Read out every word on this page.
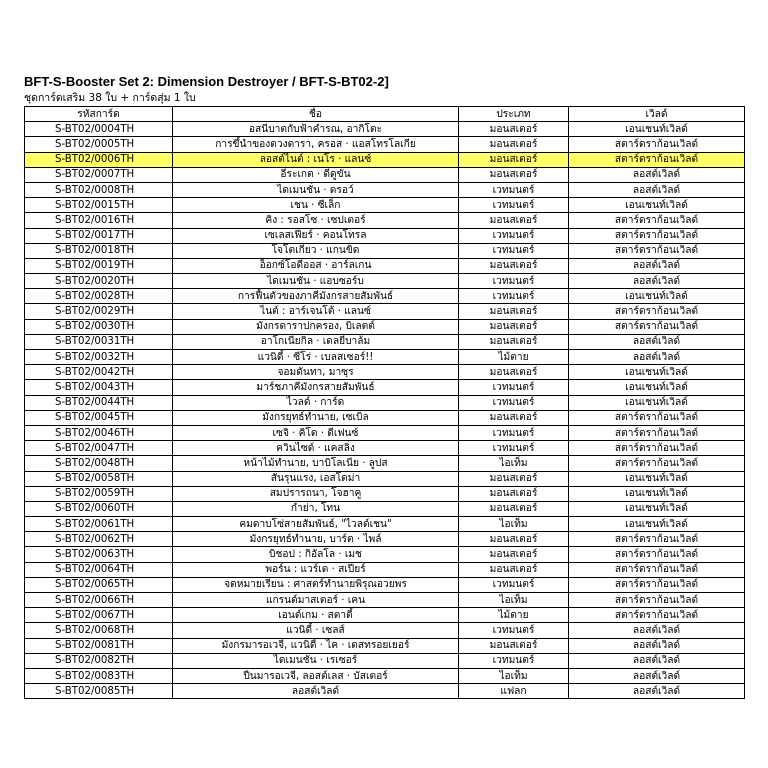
BFT-S-Booster Set 2: Dimension Destroyer / BFT-S-BT02-2]
ชุดการ์ดเสริม 38 ใบ + การ์ดสุ่ม 1 ใบ
รหัสการ์ด	ชื่อ	ประเภท	เวิลด์
S-BT02/0004TH	อสนีบาตกับฟ้าคำรณ, อากิโตะ	มอนสเตอร์	เอนเชนท์เวิลด์
S-BT02/0005TH	การขึ้นำของดวงดารา, ครอส · แอสโทรโลเกีย	มอนสเตอร์	สตาร์ดราก้อนเวิลด์
S-BT02/0006TH	ลอสต์ไนต์ : เนโร · แลนซ์	มอนสเตอร์	สตาร์ดราก้อนเวิลด์
S-BT02/0007TH	อีระเกต · ดีดูขัน	มอนสเตอร์	ลอสต์เวิลด์
S-BT02/0008TH	ไดเมนชั่น · ดรอว์	เวทมนตร์	ลอสต์เวิลด์
S-BT02/0015TH	เชน · ซีเล็ก	เวทมนตร์	เอนเชนท์เวิลด์
S-BT02/0016TH	คิง : รอสโซ · เซปเตอร์	มอนสเตอร์	สตาร์ดราก้อนเวิลด์
S-BT02/0017TH	เซเลสเฟียร์ · คอนโทรล	เวทมนตร์	สตาร์ดราก้อนเวิลด์
S-BT02/0018TH	โจโตเกียว · แกนขิด	เวทมนตร์	สตาร์ดราก้อนเวิลด์
S-BT02/0019TH	อ็อกซ์โอดีออส · อาร์ลเกน	มอนสเตอร์	ลอสต์เวิลด์
S-BT02/0020TH	ไดเมนชั่น · แอบซอร์บ	เวทมนตร์	ลอสต์เวิลด์
S-BT02/0028TH	การฟื้นตัวของภาคีมังกรสายสัมพันธ์	เวทมนตร์	เอนเชนท์เวิลด์
S-BT02/0029TH	ไนต์ : อาร์เจนโต้ · แลนซ์	มอนสเตอร์	สตาร์ดราก้อนเวิลด์
S-BT02/0030TH	มังกรดาราปกครอง, บิเลตต์	มอนสเตอร์	สตาร์ดราก้อนเวิลด์
S-BT02/0031TH	อาโกเนียกิล · เดลยีบาล้ม	มอนสเตอร์	ลอสต์เวิลด์
S-BT02/0032TH	แวนิดี้ · ซีโร่ · เบลสเซอร์!!	ไม้ตาย	ลอสต์เวิลด์
S-BT02/0042TH	จอมดันทา, มาซุร	มอนสเตอร์	เอนเชนท์เวิลด์
S-BT02/0043TH	มาร์ชภาคีมังกรสายสัมพันธ์	เวทมนตร์	เอนเชนท์เวิลด์
S-BT02/0044TH	ไวลด์ · การ์ด	เวทมนตร์	เอนเชนท์เวิลด์
S-BT02/0045TH	มังกรยุทธ์ทำนาย, เซเบิล	มอนสเตอร์	สตาร์ดราก้อนเวิลด์
S-BT02/0046TH	เซจิ · คิโด · ดีเฟนซ์	เวทมนตร์	สตาร์ดราก้อนเวิลด์
S-BT02/0047TH	ควินไซด์ · แคสลิ่ง	เวทมนตร์	สตาร์ดราก้อนเวิลด์
S-BT02/0048TH	หน้าไม้ทำนาย, บาบิโลเนีย · ลูปส	ไอเท็ม	สตาร์ดราก้อนเวิลด์
S-BT02/0058TH	สันรุนแรง, เอสโดม่า	มอนสเตอร์	เอนเชนท์เวิลด์
S-BT02/0059TH	สมปรารถนา, โจฮาคู	มอนสเตอร์	เอนเชนท์เวิลด์
S-BT02/0060TH	กำย่า, โทน	มอนสเตอร์	เอนเชนท์เวิลด์
S-BT02/0061TH	คมดาบโซ่สายสัมพันธ์, "ไวลด์เชน"	ไอเท็ม	เอนเชนท์เวิลด์
S-BT02/0062TH	มังกรยุทธ์ทำนาย, บาร์ต · ไพล์	มอนสเตอร์	สตาร์ดราก้อนเวิลด์
S-BT02/0063TH	บิชอป : กิอัลโล · เมช	มอนสเตอร์	สตาร์ดราก้อนเวิลด์
S-BT02/0064TH	พอร์น : แวร์เด · สเปียร์	มอนสเตอร์	สตาร์ดราก้อนเวิลด์
S-BT02/0065TH	จดหมายเรียน : ศาสตร์ทำนายพิรุณอวยพร	เวทมนตร์	สตาร์ดราก้อนเวิลด์
S-BT02/0066TH	แกรนด์มาสเตอร์ · เคน	ไอเท็ม	สตาร์ดราก้อนเวิลด์
S-BT02/0067TH	เอนด์เกม · สตาดี้	ไม้ตาย	สตาร์ดราก้อนเวิลด์
S-BT02/0068TH	แวนิดี้ · เซลส์	เวทมนตร์	ลอสต์เวิลด์
S-BT02/0081TH	มังกรมารอเวจี, แวนิดี้ · ไค · เดสทรอยเยอร์	มอนสเตอร์	ลอสต์เวิลด์
S-BT02/0082TH	ไดเมนชั่น · เรเซอร์	เวทมนตร์	ลอสต์เวิลด์
S-BT02/0083TH	ปืนมารอเวจี, ลอสต์เลส · บัสเตอร์	ไอเท็ม	ลอสต์เวิลด์
S-BT02/0085TH	ลอสต์เวิลด์	แฟลก	ลอสต์เวิลด์
